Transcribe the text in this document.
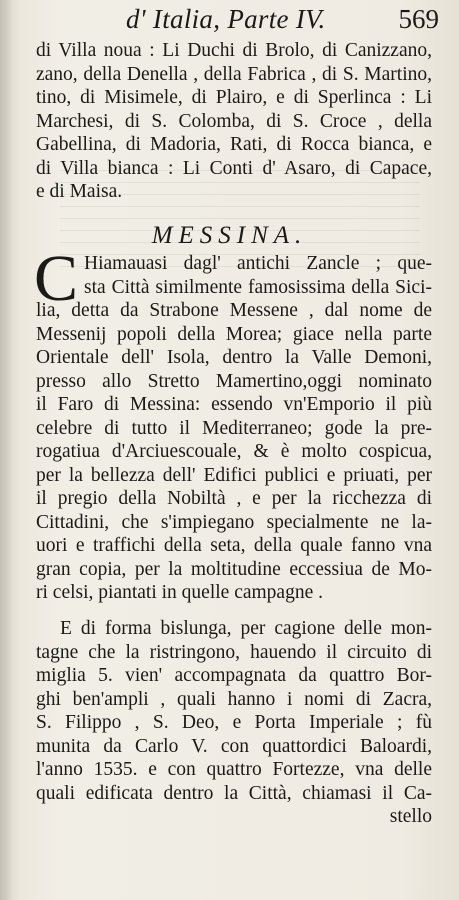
d' Italia, Parte IV.	569
di Villa noua : Li Duchi di Brolo, di Canizzano,
zano, della Denella , della Fabrica , di S. Martino,
tino, di Misimele, di Plairo, e di Sperlinca : Li
Marchesi, di S. Colomba, di S. Croce , della
Gabellina, di Madoria, Rati, di Rocca bianca, e
di Villa bianca : Li Conti d' Asaro, di Capace,
e di Maisa.
MESSINA.
C Hiamauasi dagl' antichi Zancle ; que-
sta Città similmente famosissima della Sici-
lia, detta da Strabone Messene , dal nome de
Messenij popoli della Morea; giace nella parte
Orientale dell' Isola, dentro la Valle Demoni,
presso allo Stretto Mamertino,oggi nominato
il Faro di Messina: essendo vn'Emporio il più
celebre di tutto il Mediterraneo; gode la pre-
rogatiua d'Arciuescouale, & è molto cospicua,
per la bellezza dell' Edifici publici e priuati, per
il pregio della Nobiltà , e per la ricchezza di
Cittadini, che s'impiegano specialmente ne la-
uori e traffichi della seta, della quale fanno vna
gran copia, per la moltitudine eccessiua de Mo-
ri celsi, piantati in quelle campagne .
E di forma bislunga, per cagione delle mon-
tagne che la ristringono, hauendo il circuito di
miglia 5. vien' accompagnata da quattro Bor-
ghi ben'ampli , quali hanno i nomi di Zacra,
S. Filippo , S. Deo, e Porta Imperiale ; fù
munita da Carlo V. con quattordici Baloardi,
l'anno 1535. e con quattro Fortezze, vna delle
quali edificata dentro la Città, chiamasi il Ca-
stello
